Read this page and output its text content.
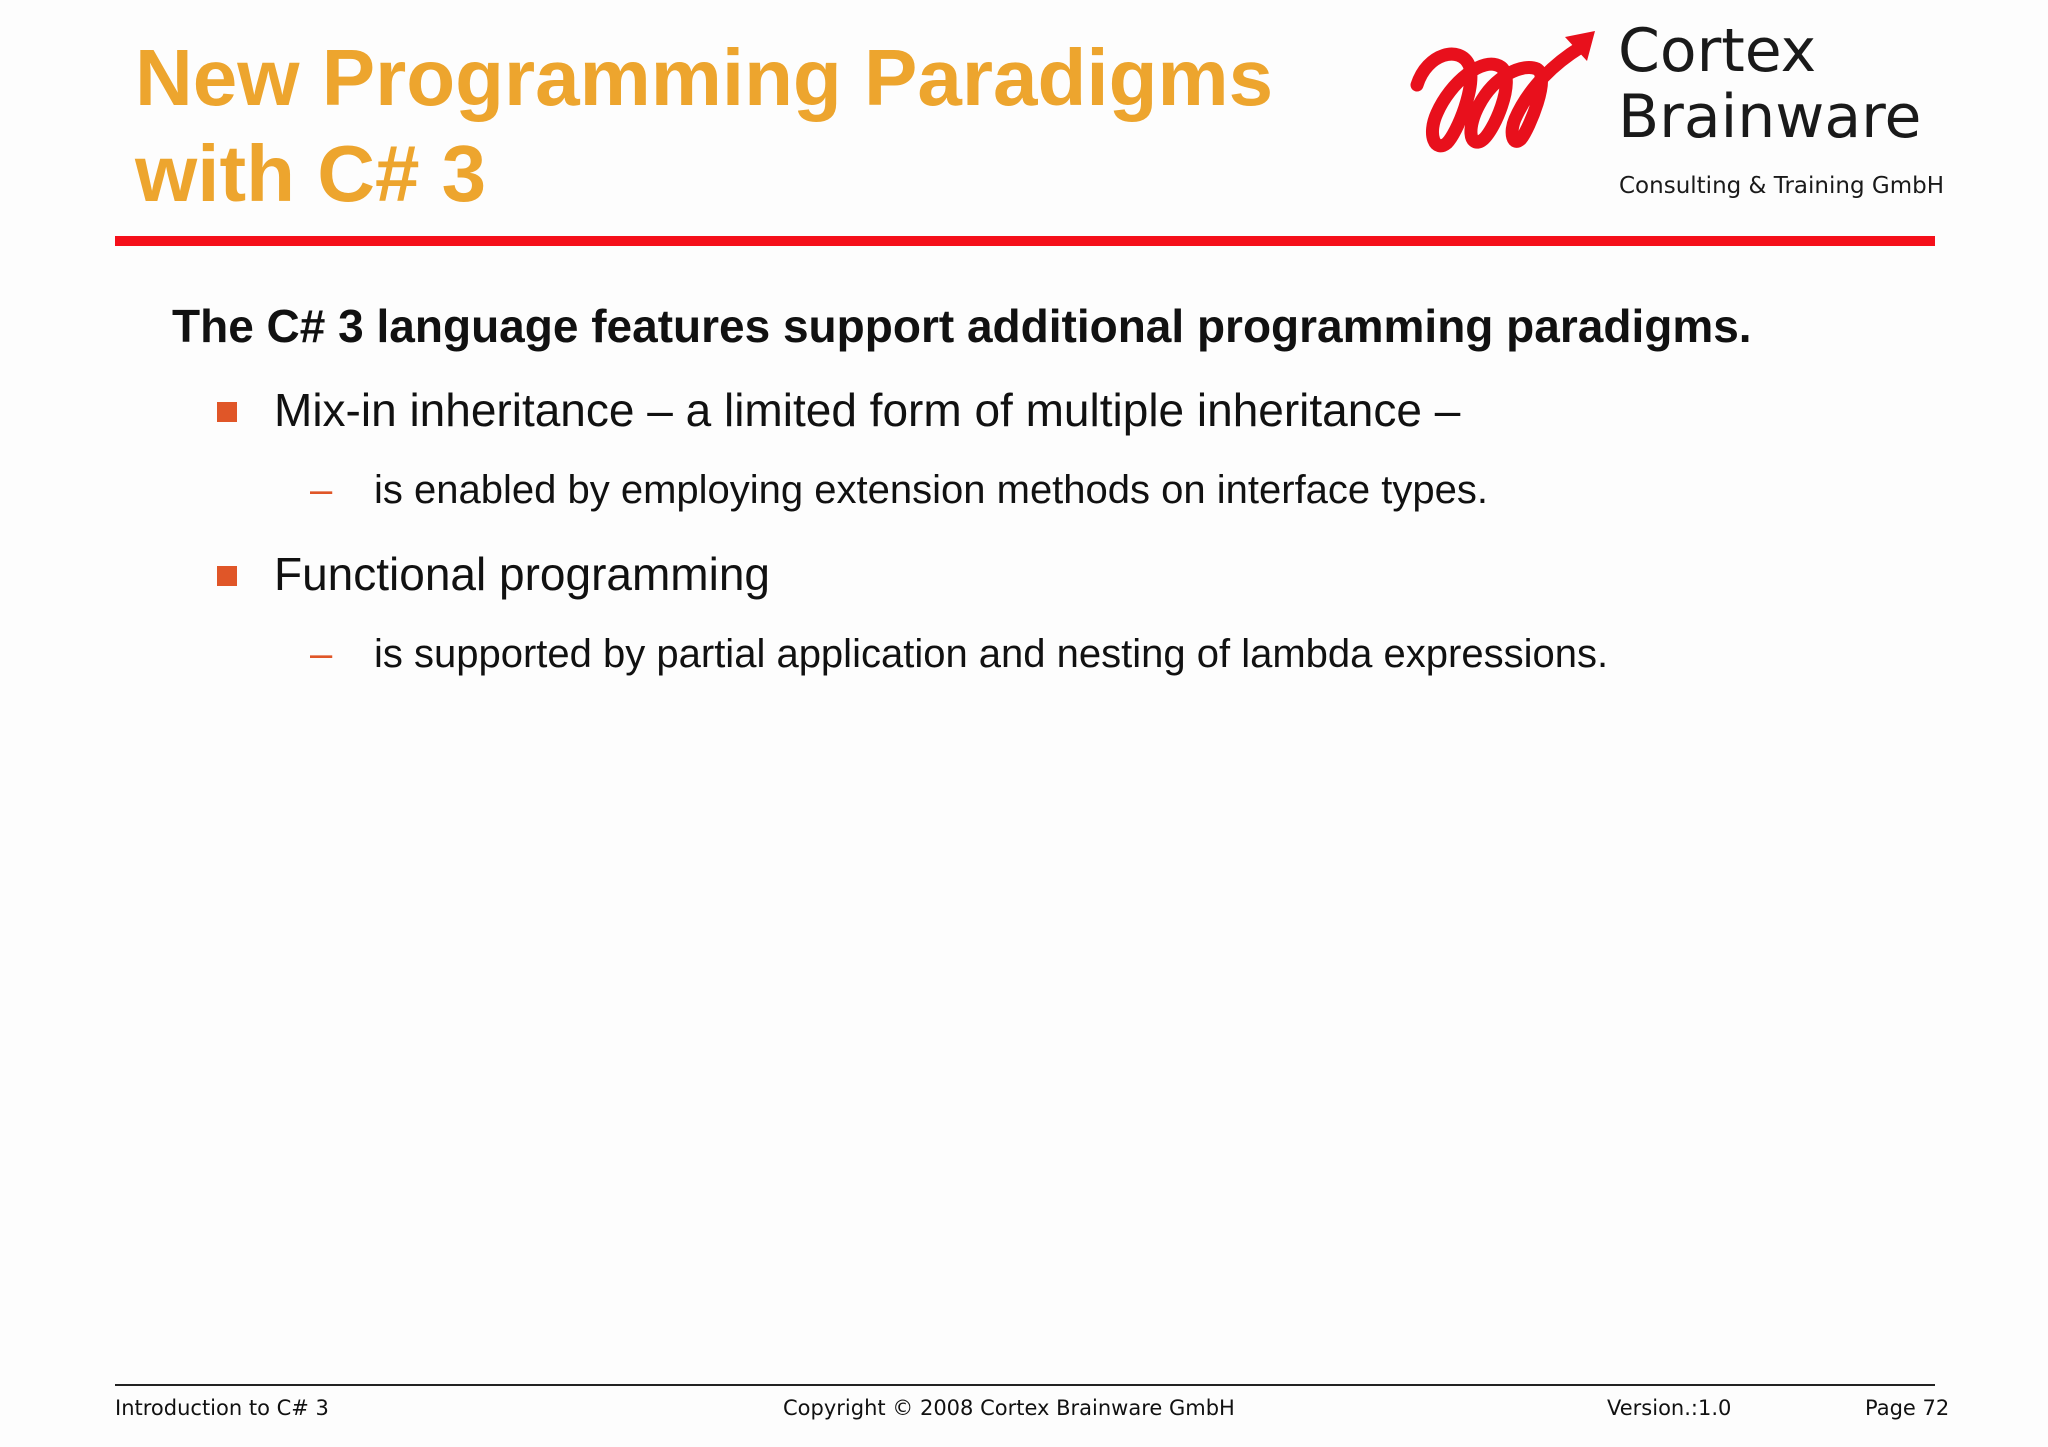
New Programming Paradigms
with C# 3
Cortex
Brainware
Consulting & Training GmbH

The C# 3 language features support additional programming paradigms.

Mix-in inheritance – a limited form of multiple inheritance –
– is enabled by employing extension methods on interface types.
Functional programming
– is supported by partial application and nesting of lambda expressions.
Introduction to C# 3	Copyright © 2008 Cortex Brainware GmbH	Version.:1.0	Page 72
